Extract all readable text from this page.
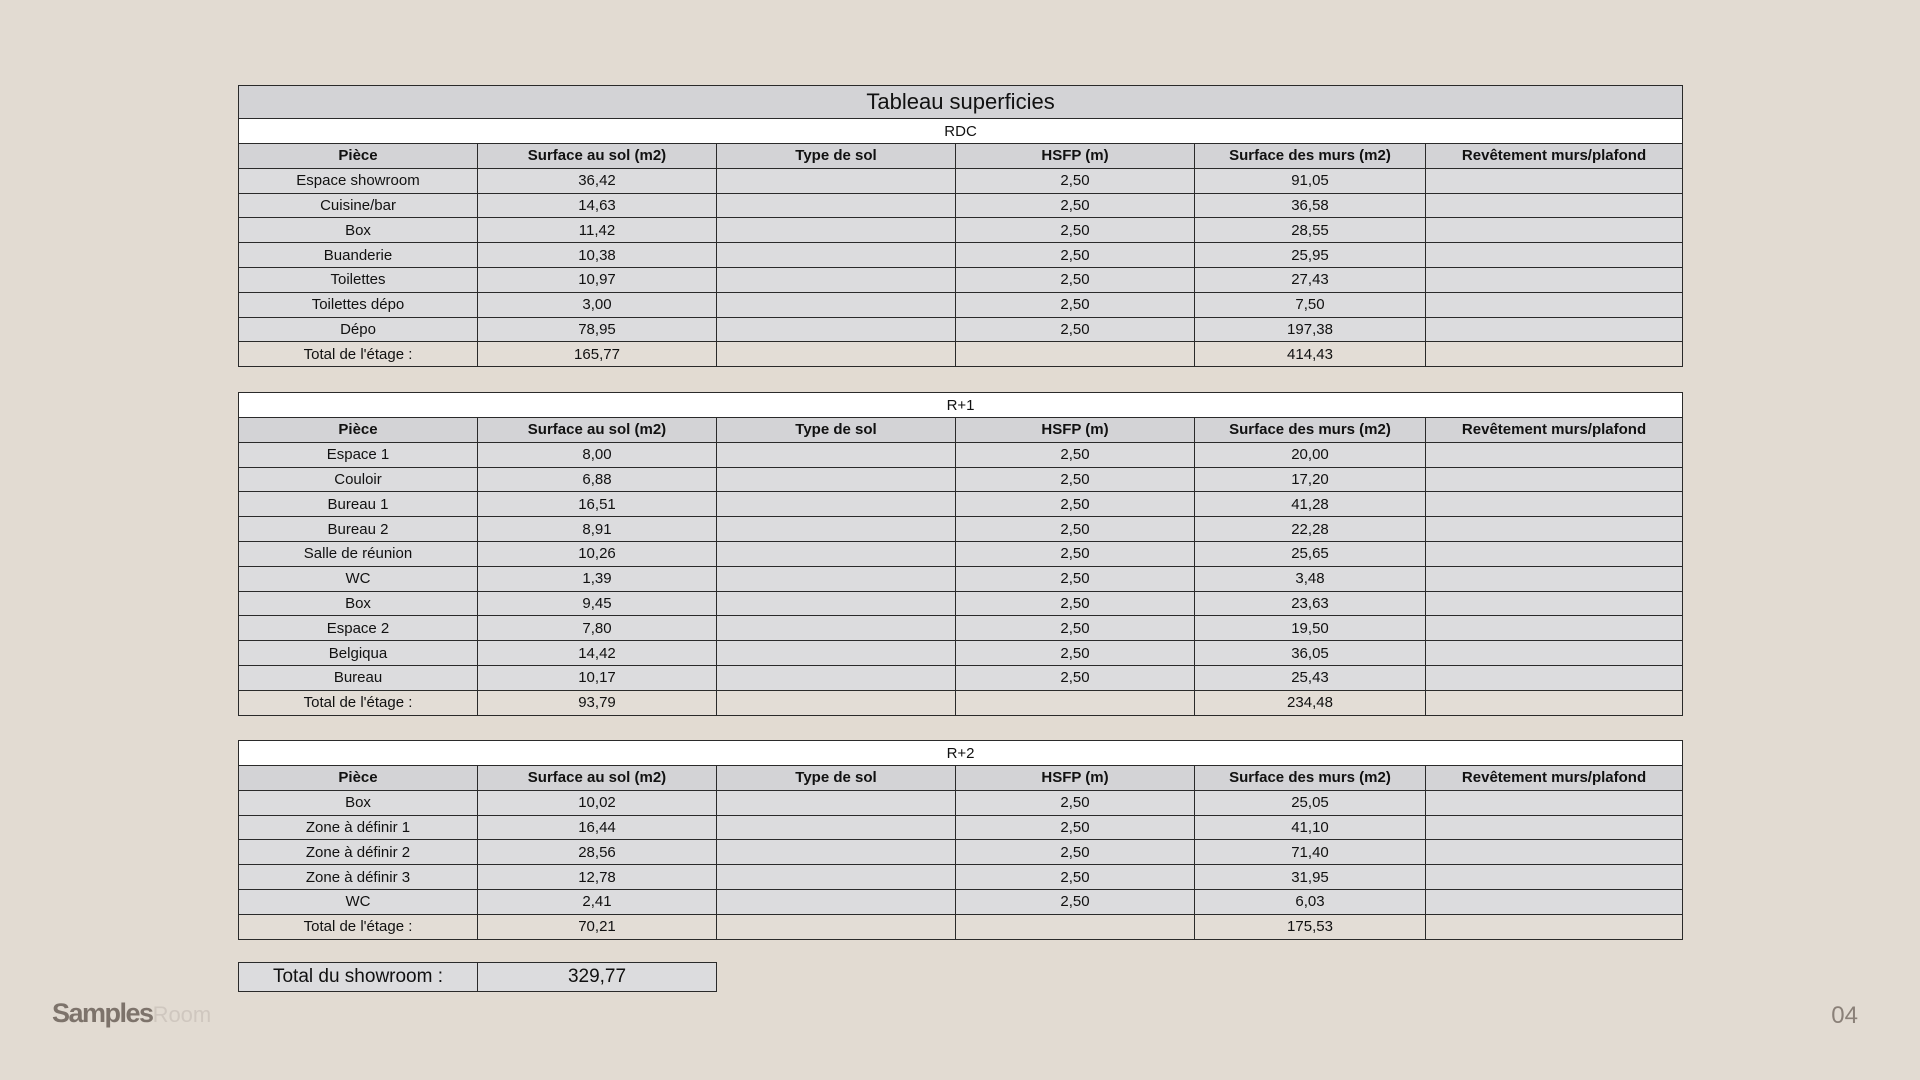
Tableau superficies					
RDC					
Pièce	Surface au sol (m2)	Type de sol	HSFP (m)	Surface des murs (m2)	Revêtement murs/plafond
Espace showroom	36,42		2,50	91,05	
Cuisine/bar	14,63		2,50	36,58	
Box	11,42		2,50	28,55	
Buanderie	10,38		2,50	25,95	
Toilettes	10,97		2,50	27,43	
Toilettes dépo	3,00		2,50	7,50	
Dépo	78,95		2,50	197,38	
Total de l'étage :	165,77			414,43	
R+1					
Pièce	Surface au sol (m2)	Type de sol	HSFP (m)	Surface des murs (m2)	Revêtement murs/plafond
Espace 1	8,00		2,50	20,00	
Couloir	6,88		2,50	17,20	
Bureau 1	16,51		2,50	41,28	
Bureau 2	8,91		2,50	22,28	
Salle de réunion	10,26		2,50	25,65	
WC	1,39		2,50	3,48	
Box	9,45		2,50	23,63	
Espace 2	7,80		2,50	19,50	
Belgiqua	14,42		2,50	36,05	
Bureau	10,17		2,50	25,43	
Total de l'étage :	93,79			234,48	
R+2					
Pièce	Surface au sol (m2)	Type de sol	HSFP (m)	Surface des murs (m2)	Revêtement murs/plafond
Box	10,02		2,50	25,05	
Zone à définir 1	16,44		2,50	41,10	
Zone à définir 2	28,56		2,50	71,40	
Zone à définir 3	12,78		2,50	31,95	
WC	2,41		2,50	6,03	
Total de l'étage :	70,21			175,53	
Total du showroom :	329,77
SamplesRoom	04
